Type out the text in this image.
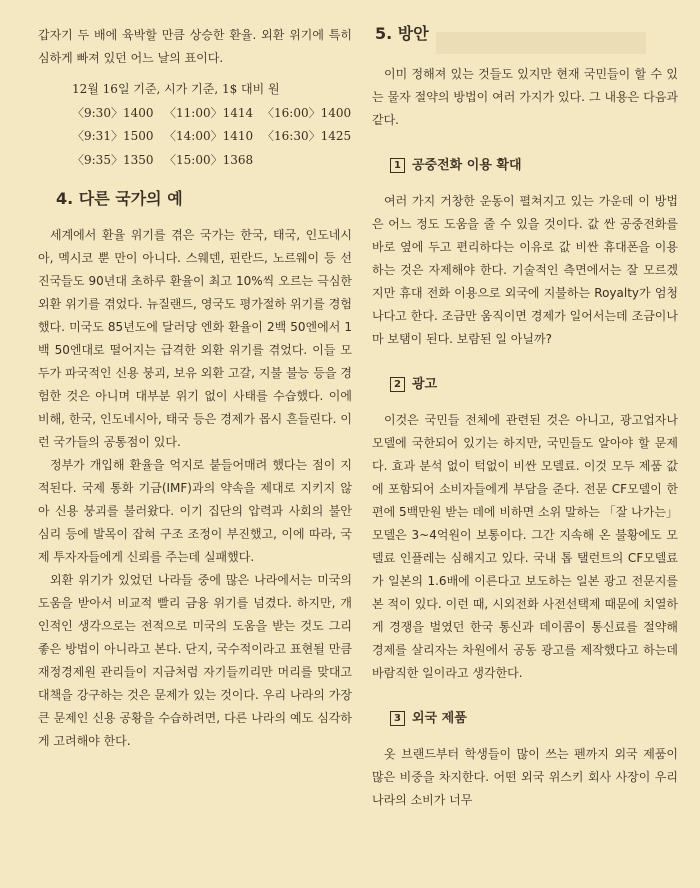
갑자기 두 배에 육박할 만큼 상승한 환율. 외환 위기에 특히 심하게 빠져 있던 어느 날의 표이다.

12월 16일 기준, 시가 기준, 1$ 대비 원
〈9:30〉1400 〈11:00〉1414 〈16:00〉1400
〈9:31〉1500 〈14:00〉1410 〈16:30〉1425
〈9:35〉1350 〈15:00〉1368
4. 다른 국가의 예

세계에서 환율 위기를 겪은 국가는 한국, 태국, 인도네시아, 멕시코 뿐 만이 아니다. 스웨덴, 핀란드, 노르웨이 등 선진국들도 90년대 초하루 환율이 최고 10%씩 오르는 극심한 외환 위기를 겪었다. 뉴질랜드, 영국도 평가절하 위기를 경험했다. 미국도 85년도에 달러당 엔화 환율이 2백 50엔에서 1백 50엔대로 떨어지는 급격한 외환 위기를 겪었다. 이들 모두가 파국적인 신용 붕괴, 보유 외환 고갈, 지불 불능 등을 경험한 것은 아니며 대부분 위기 없이 사태를 수습했다. 이에 비해, 한국, 인도네시아, 태국 등은 경제가 몹시 흔들린다. 이런 국가들의 공통점이 있다.

정부가 개입해 환율을 억지로 붙들어매려 했다는 점이 지적된다. 국제 통화 기금(IMF)과의 약속을 제대로 지키지 않아 신용 붕괴를 불러왔다. 이기 집단의 압력과 사회의 불안 심리 등에 발목이 잡혀 구조 조정이 부진했고, 이에 따라, 국제 투자자들에게 신뢰를 주는데 실패했다.

외환 위기가 있었던 나라들 중에 많은 나라에서는 미국의 도움을 받아서 비교적 빨리 금융 위기를 넘겼다. 하지만, 개인적인 생각으로는 전적으로 미국의 도움을 받는 것도 그리 좋은 방법이 아니라고 본다. 단지, 국수적이라고 표현될 만큼 재정경제원 관리들이 지금처럼 자기들끼리만 머리를 맞대고 대책을 강구하는 것은 문제가 있는 것이다. 우리 나라의 가장 큰 문제인 신용 공황을 수습하려면, 다른 나라의 예도 심각하게 고려해야 한다.

5. 방안

이미 정해져 있는 것들도 있지만 현재 국민들이 할 수 있는 물자 절약의 방법이 여러 가지가 있다. 그 내용은 다음과 같다.

1 공중전화 이용 확대

여러 가지 거창한 운동이 펼쳐지고 있는 가운데 이 방법은 어느 정도 도움을 줄 수 있을 것이다. 값 싼 공중전화를 바로 옆에 두고 편리하다는 이유로 값 비싼 휴대폰을 이용하는 것은 자제해야 한다. 기술적인 측면에서는 잘 모르겠지만 휴대 전화 이용으로 외국에 지불하는 Royalty가 엄청나다고 한다. 조금만 움직이면 경제가 일어서는데 조금이나마 보탬이 된다. 보람된 일 아닐까?

2 광고

이것은 국민들 전체에 관련된 것은 아니고, 광고업자나 모델에 국한되어 있기는 하지만, 국민들도 알아야 할 문제다. 효과 분석 없이 턱없이 비싼 모델료. 이것 모두 제품 값에 포함되어 소비자들에게 부담을 준다. 전문 CF모델이 한 편에 5백만원 받는 데에 비하면 소위 말하는 「잘 나가는」모델은 3~4억원이 보통이다. 그간 지속해 온 불황에도 모델료 인플레는 심해지고 있다. 국내 톱 탤런트의 CF모델료가 일본의 1.6배에 이른다고 보도하는 일본 광고 전문지를 본 적이 있다. 이런 때, 시외전화 사전선택제 때문에 치열하게 경쟁을 벌였던 한국 통신과 데이콤이 통신료를 절약해 경제를 살리자는 차원에서 공동 광고를 제작했다고 하는데 바람직한 일이라고 생각한다.

3 외국 제품

옷 브랜드부터 학생들이 많이 쓰는 펜까지 외국 제품이 많은 비중을 차지한다. 어떤 외국 위스키 회사 사장이 우리 나라의 소비가 너무
